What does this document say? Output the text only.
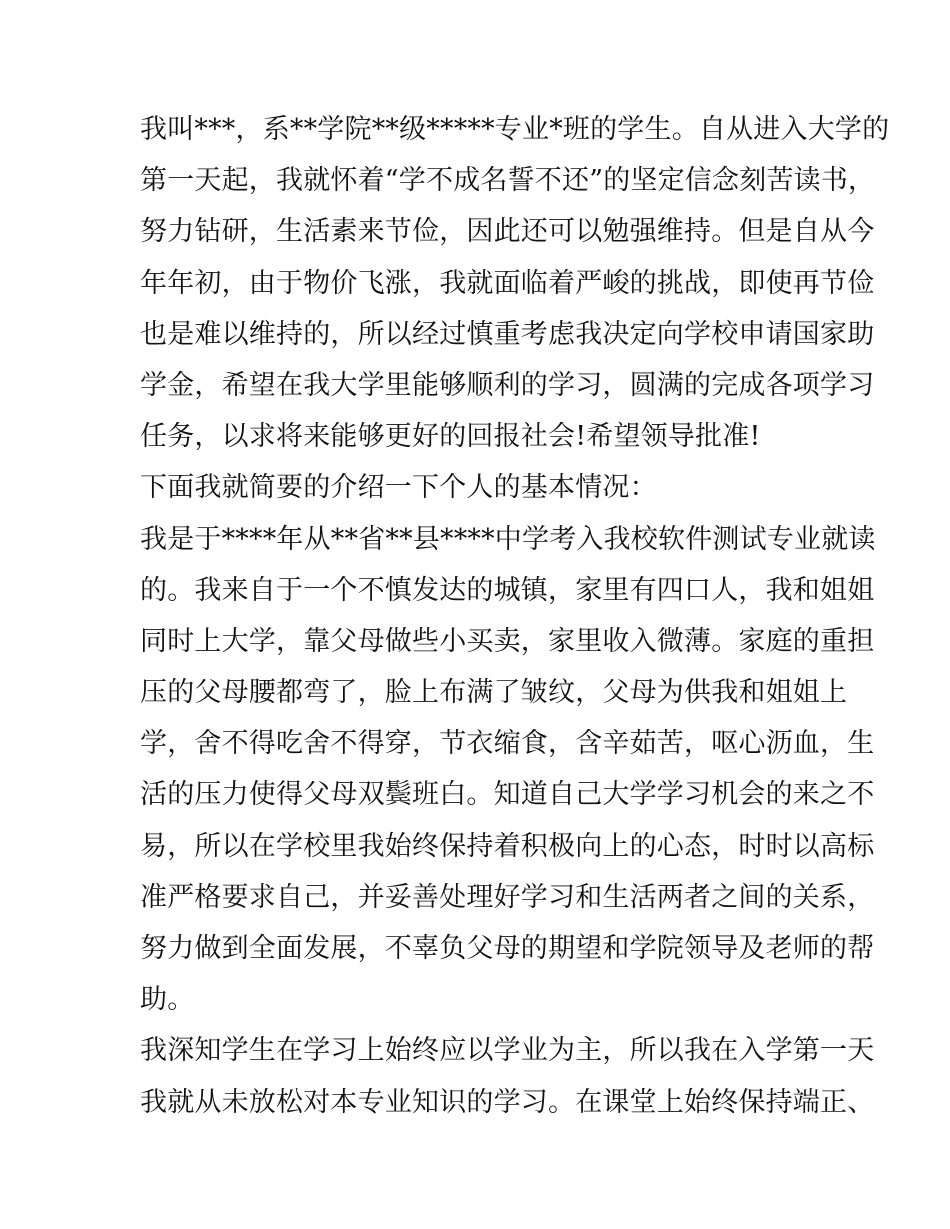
我叫***，系**学院**级*****专业*班的学生。自从进入大学的
第一天起，我就怀着“学不成名誓不还”的坚定信念刻苦读书，
努力钻研，生活素来节俭，因此还可以勉强维持。但是自从今
年年初，由于物价飞涨，我就面临着严峻的挑战，即使再节俭
也是难以维持的，所以经过慎重考虑我决定向学校申请国家助
学金，希望在我大学里能够顺利的学习，圆满的完成各项学习
任务，以求将来能够更好的回报社会!希望领导批准!
下面我就简要的介绍一下个人的基本情况：
我是于****年从**省**县****中学考入我校软件测试专业就读
的。我来自于一个不慎发达的城镇，家里有四口人，我和姐姐
同时上大学，靠父母做些小买卖，家里收入微薄。家庭的重担
压的父母腰都弯了，脸上布满了皱纹，父母为供我和姐姐上
学，舍不得吃舍不得穿，节衣缩食，含辛茹苦，呕心沥血，生
活的压力使得父母双鬓班白。知道自己大学学习机会的来之不
易，所以在学校里我始终保持着积极向上的心态，时时以高标
准严格要求自己，并妥善处理好学习和生活两者之间的关系，
努力做到全面发展，不辜负父母的期望和学院领导及老师的帮
助。
我深知学生在学习上始终应以学业为主，所以我在入学第一天
我就从未放松对本专业知识的学习。在课堂上始终保持端正、
